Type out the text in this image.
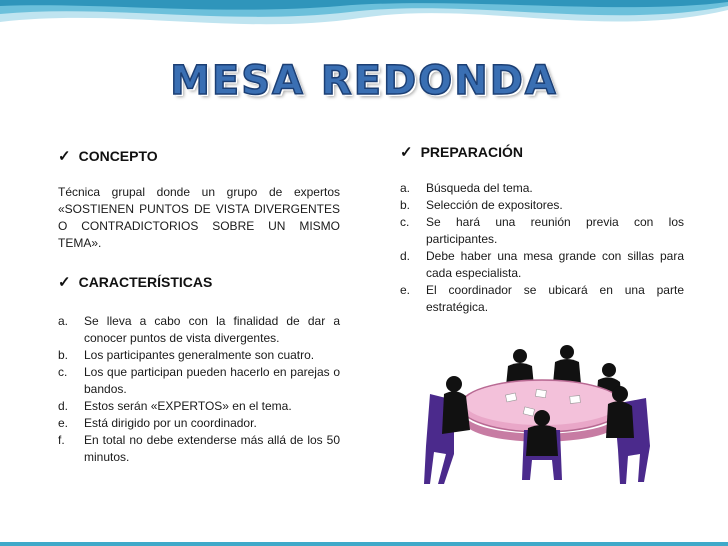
MESA REDONDA
✓ CONCEPTO
Técnica grupal donde un grupo de expertos «SOSTIENEN PUNTOS DE VISTA DIVERGENTES O CONTRADICTORIOS SOBRE UN MISMO TEMA».
✓ CARACTERÍSTICAS
a. Se lleva a cabo con la finalidad de dar a conocer puntos de vista divergentes.
b. Los participantes generalmente son cuatro.
c. Los que participan pueden hacerlo en parejas o bandos.
d. Estos serán «EXPERTOS» en el tema.
e. Está dirigido por un coordinador.
f. En total no debe extenderse más allá de los 50 minutos.
✓ PREPARACIÓN
a. Búsqueda del tema.
b. Selección de expositores.
c. Se hará una reunión previa con los participantes.
d. Debe haber una mesa grande con sillas para cada especialista.
e. El coordinador se ubicará en una parte estratégica.
